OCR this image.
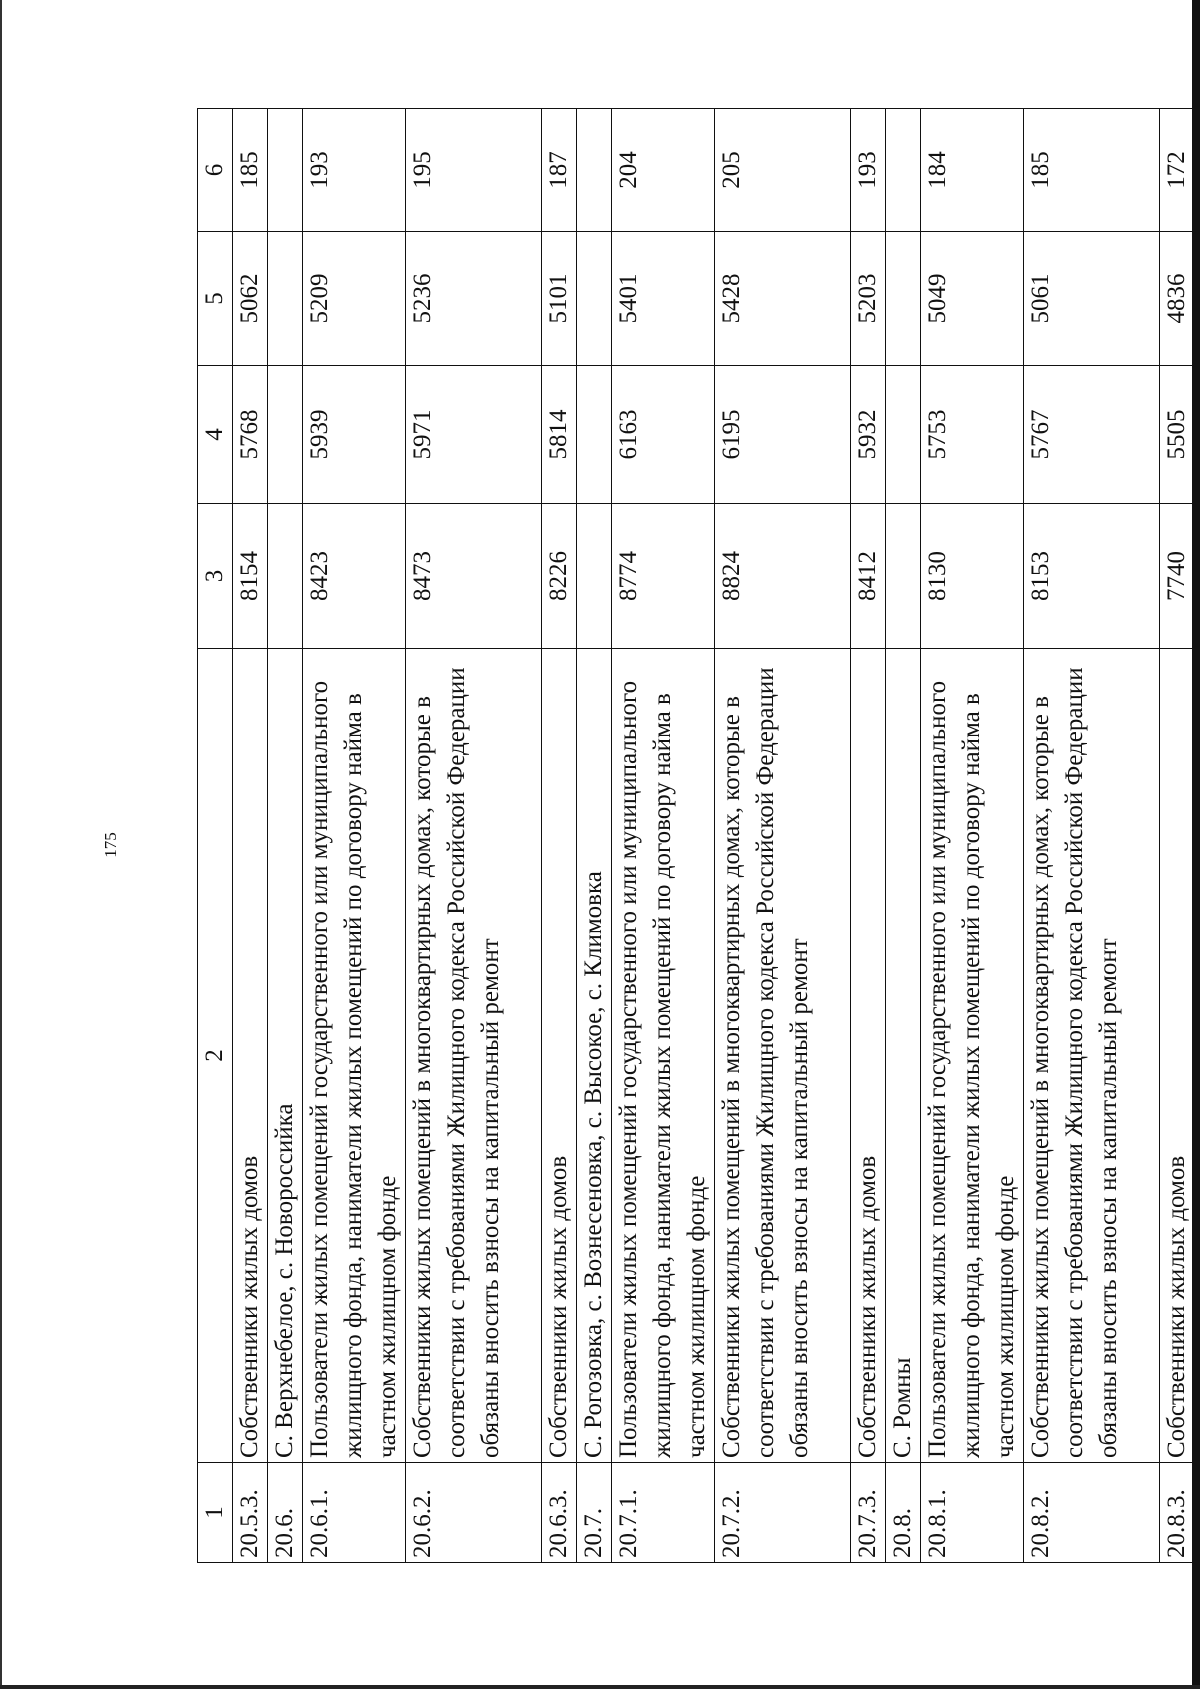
175
1	2	3	4	5	6
20.5.3.	Собственники жилых домов	8154	5768	5062	185
20.6.	С. Верхнебелое, с. Новороссийка				
20.6.1.	Пользователи жилых помещений государственного или муниципального жилищного фонда, наниматели жилых помещений по договору найма в частном жилищном фонде	8423	5939	5209	193
20.6.2.	Собственники жилых помещений в многоквартирных домах, которые в соответствии с требованиями Жилищного кодекса Российской Федерации обязаны вносить взносы на капитальный ремонт	8473	5971	5236	195
20.6.3.	Собственники жилых домов	8226	5814	5101	187
20.7.	С. Рогозовка, с. Вознесеновка, с. Высокое, с. Климовка				
20.7.1.	Пользователи жилых помещений государственного или муниципального жилищного фонда, наниматели жилых помещений по договору найма в частном жилищном фонде	8774	6163	5401	204
20.7.2.	Собственники жилых помещений в многоквартирных домах, которые в соответствии с требованиями Жилищного кодекса Российской Федерации обязаны вносить взносы на капитальный ремонт	8824	6195	5428	205
20.7.3.	Собственники жилых домов	8412	5932	5203	193
20.8.	С. Ромны				
20.8.1.	Пользователи жилых помещений государственного или муниципального жилищного фонда, наниматели жилых помещений по договору найма в частном жилищном фонде	8130	5753	5049	184
20.8.2.	Собственники жилых помещений в многоквартирных домах, которые в соответствии с требованиями Жилищного кодекса Российской Федерации обязаны вносить взносы на капитальный ремонт	8153	5767	5061	185
20.8.3.	Собственники жилых домов	7740	5505	4836	172
